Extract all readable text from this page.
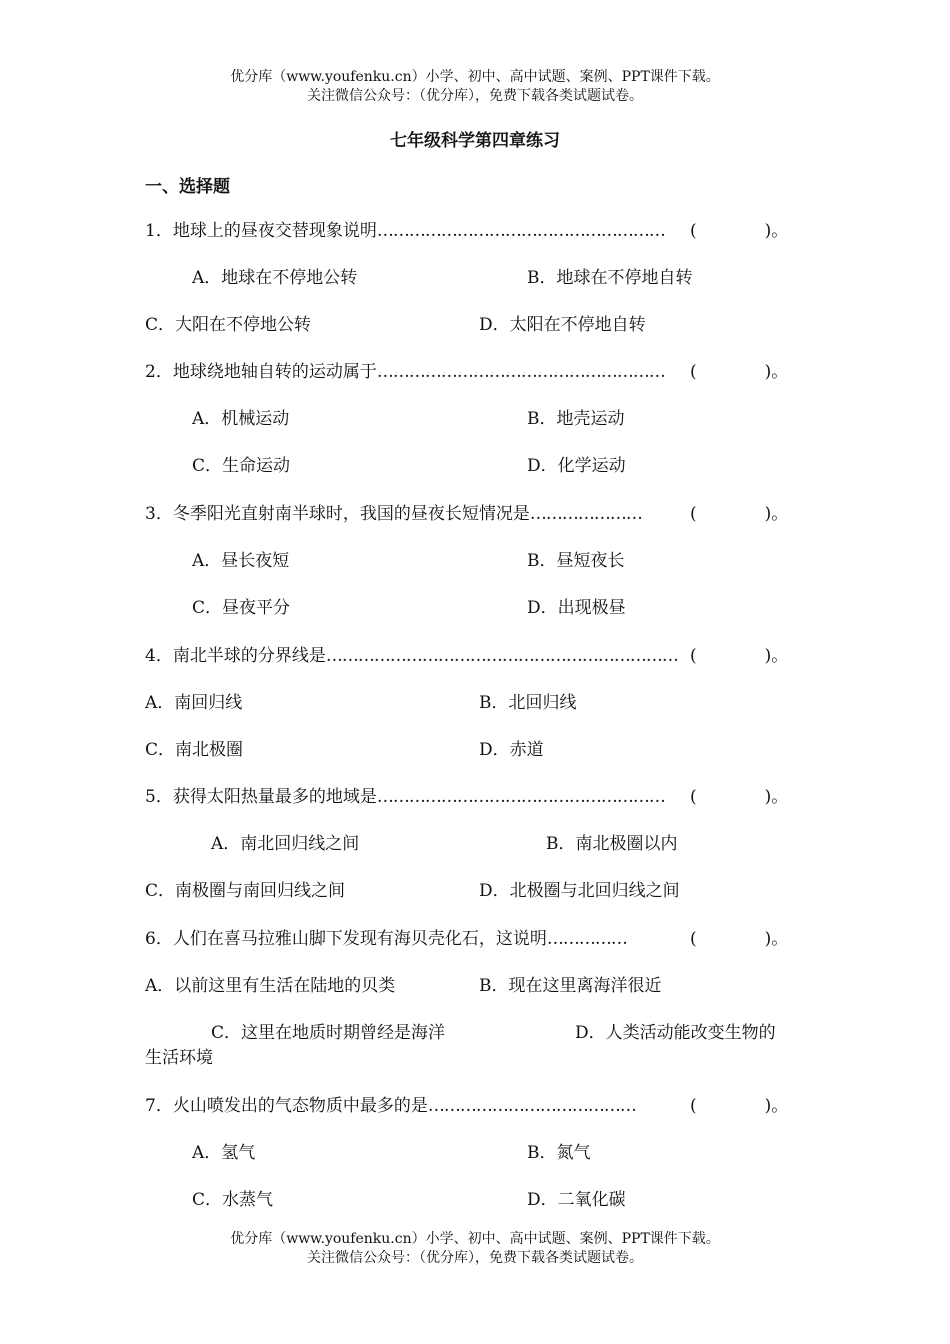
优分库（www.youfenku.cn）小学、初中、高中试题、案例、PPT课件下载。
关注微信公众号：（优分库），免费下载各类试题试卷。
七年级科学第四章练习
一、选择题
1．地球上的昼夜交替现象说明……………………………………………… (　　　　)。
A．地球在不停地公转	B．地球在不停地自转
C．大阳在不停地公转	D．太阳在不停地自转
2．地球绕地轴自转的运动属于……………………………………………… (　　　　)。
A．机械运动	B．地壳运动
C．生命运动	D．化学运动
3．冬季阳光直射南半球时，我国的昼夜长短情况是…………………	(　　　　)。
A．昼长夜短	B．昼短夜长
C．昼夜平分	D．出现极昼
4．南北半球的分界线是………………………………………………………… (　　　　)。
A．南回归线	B．北回归线
C．南北极圈	D．赤道
5．获得太阳热量最多的地域是……………………………………………… (　　　　)。
A．南北回归线之间	B．南北极圈以内
C．南极圈与南回归线之间	D．北极圈与北回归线之间
6．人们在喜马拉雅山脚下发现有海贝壳化石，这说明……………	(　　　　)。
A．以前这里有生活在陆地的贝类	B．现在这里离海洋很近
C．这里在地质时期曾经是海洋	D．人类活动能改变生物的
生活环境
7．火山喷发出的气态物质中最多的是…………………………………	(　　　　)。
A．氢气	B．氮气
C．水蒸气	D．二氧化碳
优分库（www.youfenku.cn）小学、初中、高中试题、案例、PPT课件下载。
关注微信公众号：（优分库），免费下载各类试题试卷。
